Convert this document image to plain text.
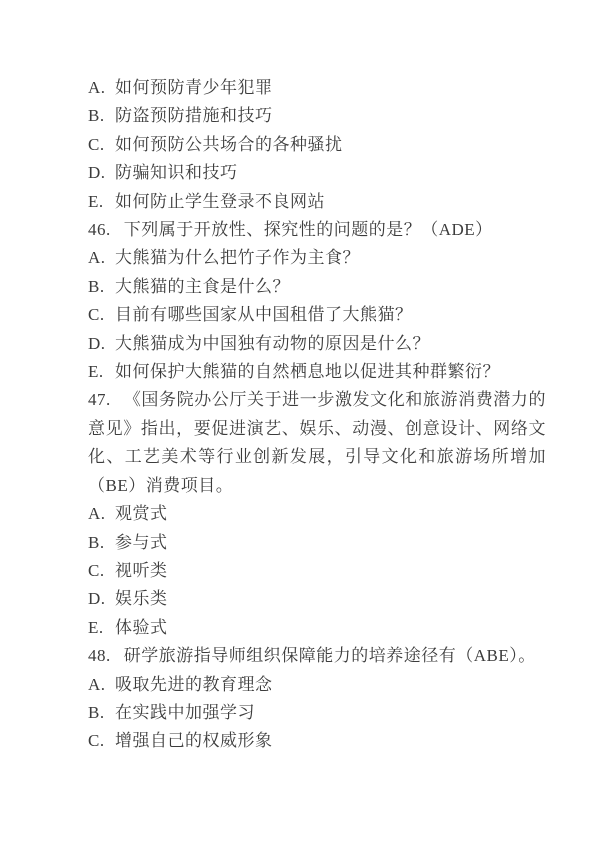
A. 如何预防青少年犯罪
B. 防盗预防措施和技巧
C. 如何预防公共场合的各种骚扰
D. 防骗知识和技巧
E. 如何防止学生登录不良网站

46. 下列属于开放性、探究性的问题的是？（ADE）

A. 大熊猫为什么把竹子作为主食？
B. 大熊猫的主食是什么？
C. 目前有哪些国家从中国租借了大熊猫？
D. 大熊猫成为中国独有动物的原因是什么？
E. 如何保护大熊猫的自然栖息地以促进其种群繁衍？

47. 《国务院办公厅关于进一步激发文化和旅游消费潜力的意见》指出，要促进演艺、娱乐、动漫、创意设计、网络文化、工艺美术等行业创新发展，引导文化和旅游场所增加（BE）消费项目。

A. 观赏式
B. 参与式
C. 视听类
D. 娱乐类
E. 体验式

48. 研学旅游指导师组织保障能力的培养途径有（ABE）。

A. 吸取先进的教育理念
B. 在实践中加强学习
C. 增强自己的权威形象
